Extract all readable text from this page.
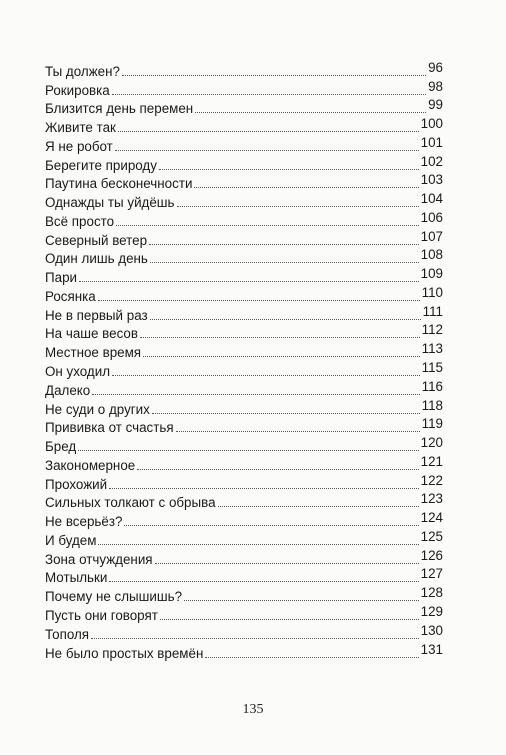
Ты должен?	96
Рокировка	98
Близится день перемен	99
Живите так	100
Я не робот	101
Берегите природу	102
Паутина бесконечности	103
Однажды ты уйдёшь	104
Всё просто	106
Северный ветер	107
Один лишь день	108
Пари	109
Росянка	110
Не в первый раз	111
На чаше весов	112
Местное время	113
Он уходил	115
Далеко	116
Не суди о других	118
Прививка от счастья	119
Бред	120
Закономерное	121
Прохожий	122
Сильных толкают с обрыва	123
Не всерьёз?	124
И будем	125
Зона отчуждения	126
Мотыльки	127
Почему не слышишь?	128
Пусть они говорят	129
Тополя	130
Не было простых времён	131
135
